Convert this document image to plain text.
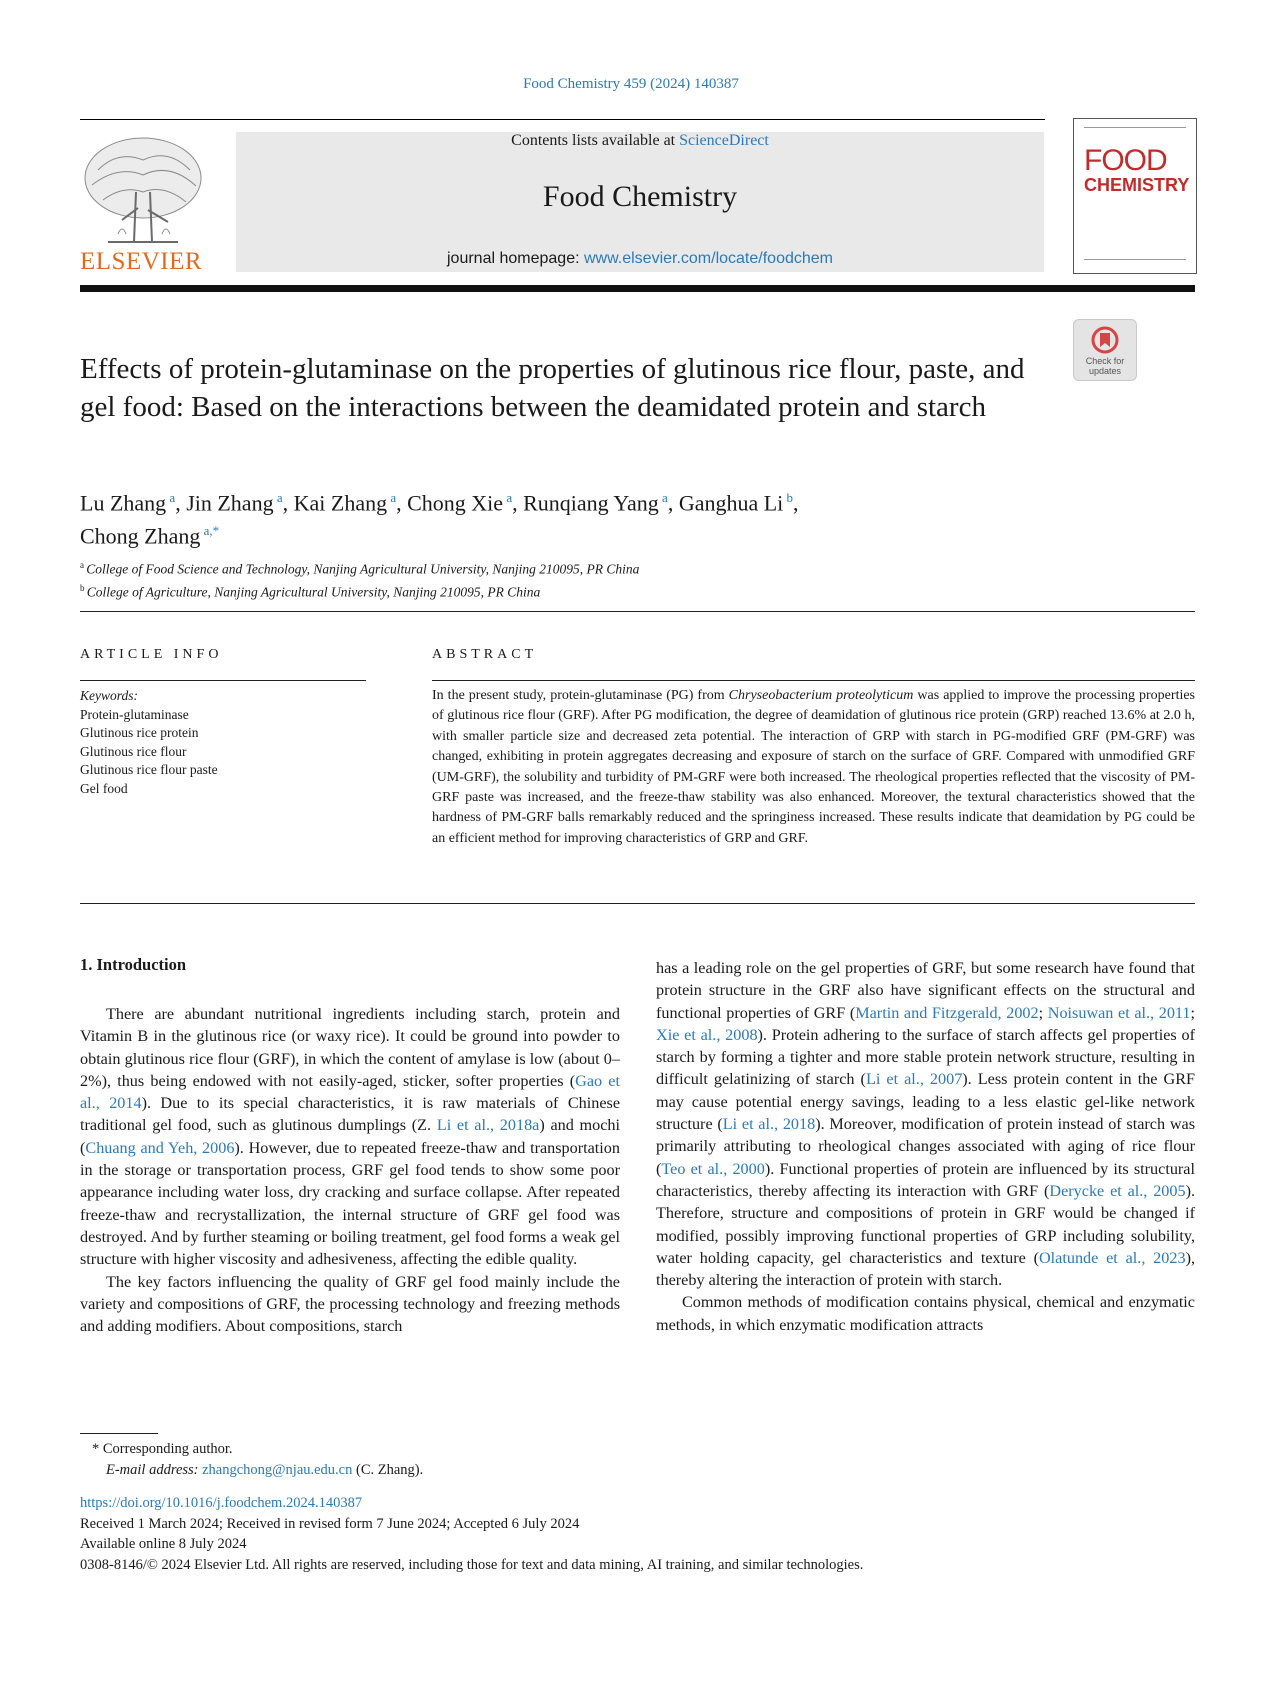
Food Chemistry 459 (2024) 140387
ELSEVIER
Contents lists available at ScienceDirect
Food Chemistry
journal homepage: www.elsevier.com/locate/foodchem
FOOD
CHEMISTRY
Check for updates
Effects of protein-glutaminase on the properties of glutinous rice flour, paste, and gel food: Based on the interactions between the deamidated protein and starch
Lu Zhang $^a$, Jin Zhang $^a$, Kai Zhang $^a$, Chong Xie $^a$, Runqiang Yang $^a$, Ganghua Li $^b$,
Chong Zhang $^{a,*}$
$^a$ College of Food Science and Technology, Nanjing Agricultural University, Nanjing 210095, PR China
$^b$ College of Agriculture, Nanjing Agricultural University, Nanjing 210095, PR China
ARTICLE INFO
Keywords:
Protein-glutaminase
Glutinous rice protein
Glutinous rice flour
Glutinous rice flour paste
Gel food
ABSTRACT
In the present study, protein-glutaminase (PG) from Chryseobacterium proteolyticum was applied to improve the processing properties of glutinous rice flour (GRF). After PG modification, the degree of deamidation of glutinous rice protein (GRP) reached 13.6% at 2.0 h, with smaller particle size and decreased zeta potential. The interaction of GRP with starch in PG-modified GRF (PM-GRF) was changed, exhibiting in protein aggregates decreasing and exposure of starch on the surface of GRF. Compared with unmodified GRF (UM-GRF), the solubility and turbidity of PM-GRF were both increased. The rheological properties reflected that the viscosity of PM-GRF paste was increased, and the freeze-thaw stability was also enhanced. Moreover, the textural characteristics showed that the hardness of PM-GRF balls remarkably reduced and the springiness increased. These results indicate that deamidation by PG could be an efficient method for improving characteristics of GRP and GRF.
1. Introduction

There are abundant nutritional ingredients including starch, protein and Vitamin B in the glutinous rice (or waxy rice). It could be ground into powder to obtain glutinous rice flour (GRF), in which the content of amylase is low (about 0–2%), thus being endowed with not easily-aged, sticker, softer properties (Gao et al., 2014). Due to its special characteristics, it is raw materials of Chinese traditional gel food, such as glutinous dumplings (Z. Li et al., 2018a) and mochi (Chuang and Yeh, 2006). However, due to repeated freeze-thaw and transportation in the storage or transportation process, GRF gel food tends to show some poor appearance including water loss, dry cracking and surface collapse. After repeated freeze-thaw and recrystallization, the internal structure of GRF gel food was destroyed. And by further steaming or boiling treatment, gel food forms a weak gel structure with higher viscosity and adhesiveness, affecting the edible quality.

The key factors influencing the quality of GRF gel food mainly include the variety and compositions of GRF, the processing technology and freezing methods and adding modifiers. About compositions, starch

has a leading role on the gel properties of GRF, but some research have found that protein structure in the GRF also have significant effects on the structural and functional properties of GRF (Martin and Fitzgerald, 2002; Noisuwan et al., 2011; Xie et al., 2008). Protein adhering to the surface of starch affects gel properties of starch by forming a tighter and more stable protein network structure, resulting in difficult gelatinizing of starch (Li et al., 2007). Less protein content in the GRF may cause potential energy savings, leading to a less elastic gel-like network structure (Li et al., 2018). Moreover, modification of protein instead of starch was primarily attributing to rheological changes associated with aging of rice flour (Teo et al., 2000). Functional properties of protein are influenced by its structural characteristics, thereby affecting its interaction with GRF (Derycke et al., 2005). Therefore, structure and compositions of protein in GRF would be changed if modified, possibly improving functional properties of GRP including solubility, water holding capacity, gel characteristics and texture (Olatunde et al., 2023), thereby altering the interaction of protein with starch.

Common methods of modification contains physical, chemical and enzymatic methods, in which enzymatic modification attracts

* Corresponding author.
E-mail address: zhangchong@njau.edu.cn (C. Zhang).
https://doi.org/10.1016/j.foodchem.2024.140387
Received 1 March 2024; Received in revised form 7 June 2024; Accepted 6 July 2024
Available online 8 July 2024
0308-8146/© 2024 Elsevier Ltd. All rights are reserved, including those for text and data mining, AI training, and similar technologies.
